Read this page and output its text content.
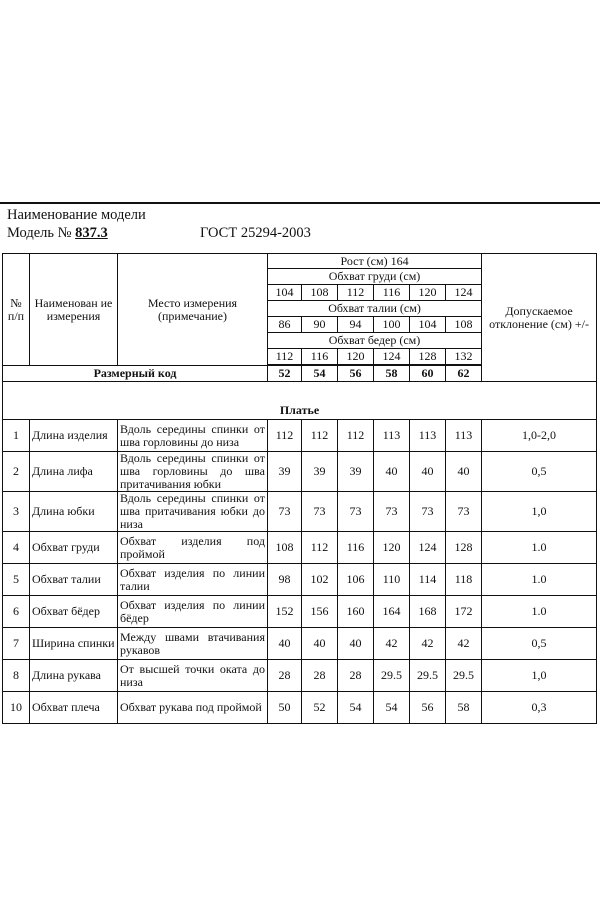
Наименование модели
Модель № 837.3	ГОСТ 25294-2003
№ п/п	Наименован ие измерения	Место измерения (примечание)	Рост (см) 164						Допускаемое отклонение (см) +/-
			Обхват груди (см)						
			104	108	112	116	120	124	
			Обхват талии (см)						
			86	90	94	100	104	108	
			Обхват бедер (см)						
			112	116	120	124	128	132	

Размерный код			52	54	56	58	60	62	
Платье									
1	Длина изделия	Вдоль середины спинки от шва горловины до низа	112	112	112	113	113	113	1,0-2,0
2	Длина лифа	Вдоль середины спинки от шва горловины до шва притачивания юбки	39	39	39	40	40	40	0,5
3	Длина юбки	Вдоль середины спинки от шва притачивания юбки до низа	73	73	73	73	73	73	1,0
4	Обхват груди	Обхват изделия под проймой	108	112	116	120	124	128	1.0
5	Обхват талии	Обхват изделия по линии талии	98	102	106	110	114	118	1.0
6	Обхват бёдер	Обхват изделия по линии бёдер	152	156	160	164	168	172	1.0
7	Ширина спинки	Между швами втачивания рукавов	40	40	40	42	42	42	0,5
8	Длина рукава	От высшей точки оката до низа	28	28	28	29.5	29.5	29.5	1,0
10	Обхват плеча	Обхват рукава под проймой	50	52	54	54	56	58	0,3
